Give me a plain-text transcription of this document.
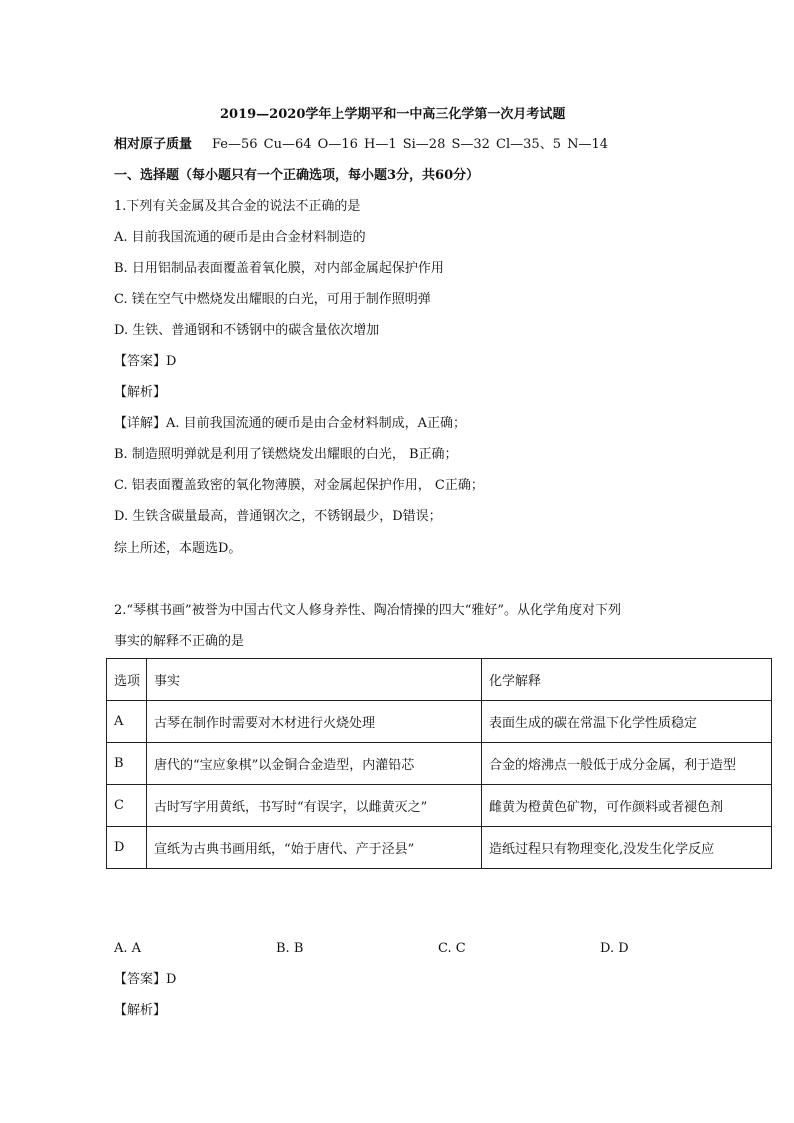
2019—2020学年上学期平和一中高三化学第一次月考试题
相对原子质量 Fe—56 Cu—64 O—16 H—1 Si—28 S—32 Cl—35、5 N—14
一、选择题（每小题只有一个正确选项，每小题3分，共60分）
1.下列有关金属及其合金的说法不正确的是
A. 目前我国流通的硬币是由合金材料制造的
B. 日用铝制品表面覆盖着氧化膜，对内部金属起保护作用
C. 镁在空气中燃烧发出耀眼的白光，可用于制作照明弹
D. 生铁、普通钢和不锈钢中的碳含量依次增加
【答案】D
【解析】
【详解】A. 目前我国流通的硬币是由合金材料制成，A正确；
B. 制造照明弹就是利用了镁燃烧发出耀眼的白光， B正确；
C. 铝表面覆盖致密的氧化物薄膜，对金属起保护作用， C正确；
D. 生铁含碳量最高，普通钢次之，不锈钢最少，D错误；
综上所述，本题选D。
2.“琴棋书画”被誉为中国古代文人修身养性、陶冶情操的四大“雅好”。从化学角度对下列
事实的解释不正确的是
选项	事实	化学解释
A	古琴在制作时需要对木材进行火烧处理	表面生成的碳在常温下化学性质稳定
B	唐代的“宝应象棋”以金铜合金造型，内灌铅芯	合金的熔沸点一般低于成分金属，利于造型
C	古时写字用黄纸，书写时“有误字，以雌黄灭之”	雌黄为橙黄色矿物，可作颜料或者褪色剂
D	宣纸为古典书画用纸，“始于唐代、产于泾县”	造纸过程只有物理变化,没发生化学反应
A. A	B. B	C. C	D. D
【答案】D
【解析】
